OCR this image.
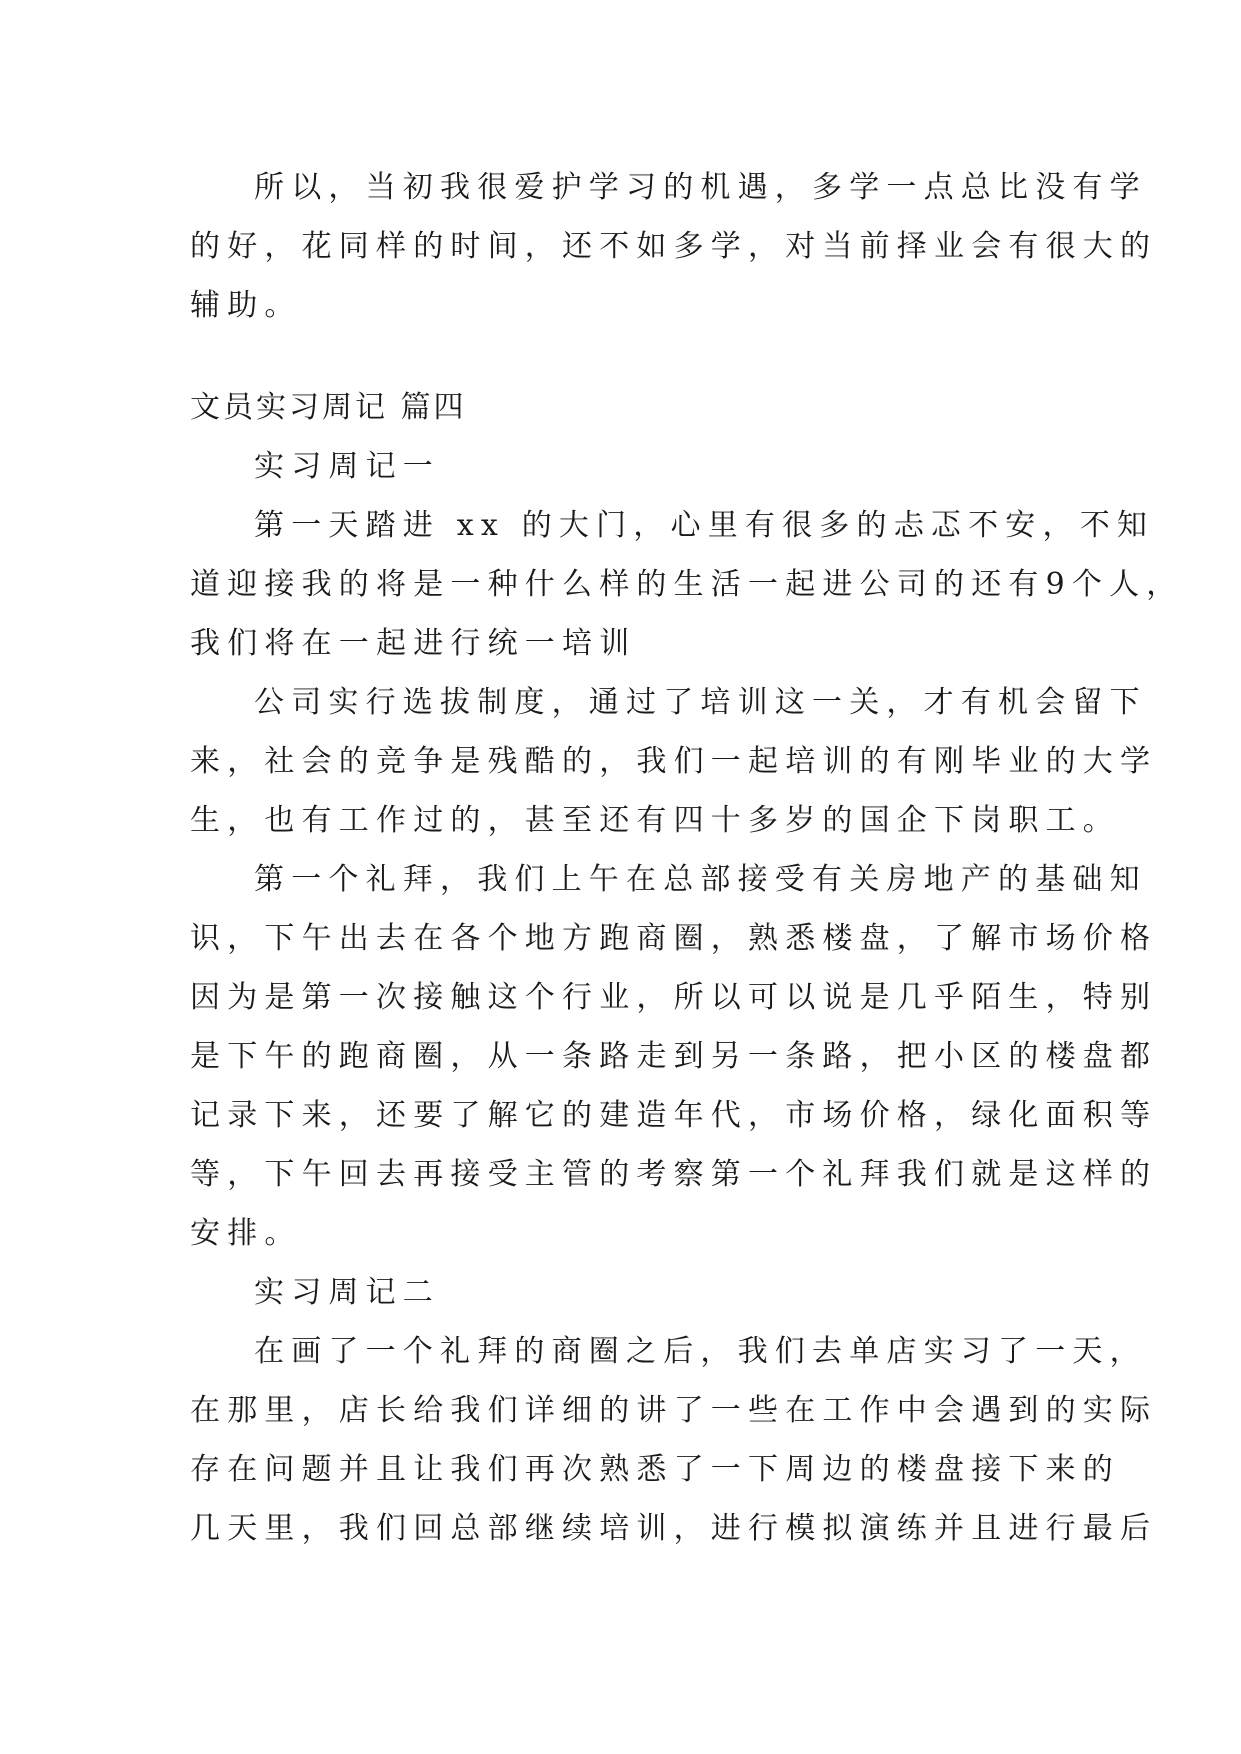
所以，当初我很爱护学习的机遇，多学一点总比没有学
的好，花同样的时间，还不如多学，对当前择业会有很大的
辅助。

文员实习周记 篇四

实习周记一

第一天踏进 xx 的大门，心里有很多的忐忑不安，不知
道迎接我的将是一种什么样的生活一起进公司的还有9个人，
我们将在一起进行统一培训

公司实行选拔制度，通过了培训这一关，才有机会留下
来，社会的竞争是残酷的，我们一起培训的有刚毕业的大学
生，也有工作过的，甚至还有四十多岁的国企下岗职工。

第一个礼拜，我们上午在总部接受有关房地产的基础知
识，下午出去在各个地方跑商圈，熟悉楼盘，了解市场价格
因为是第一次接触这个行业，所以可以说是几乎陌生，特别
是下午的跑商圈，从一条路走到另一条路，把小区的楼盘都
记录下来，还要了解它的建造年代，市场价格，绿化面积等
等，下午回去再接受主管的考察第一个礼拜我们就是这样的
安排。

实习周记二

在画了一个礼拜的商圈之后，我们去单店实习了一天，
在那里，店长给我们详细的讲了一些在工作中会遇到的实际
存在问题并且让我们再次熟悉了一下周边的楼盘接下来的
几天里，我们回总部继续培训，进行模拟演练并且进行最后
